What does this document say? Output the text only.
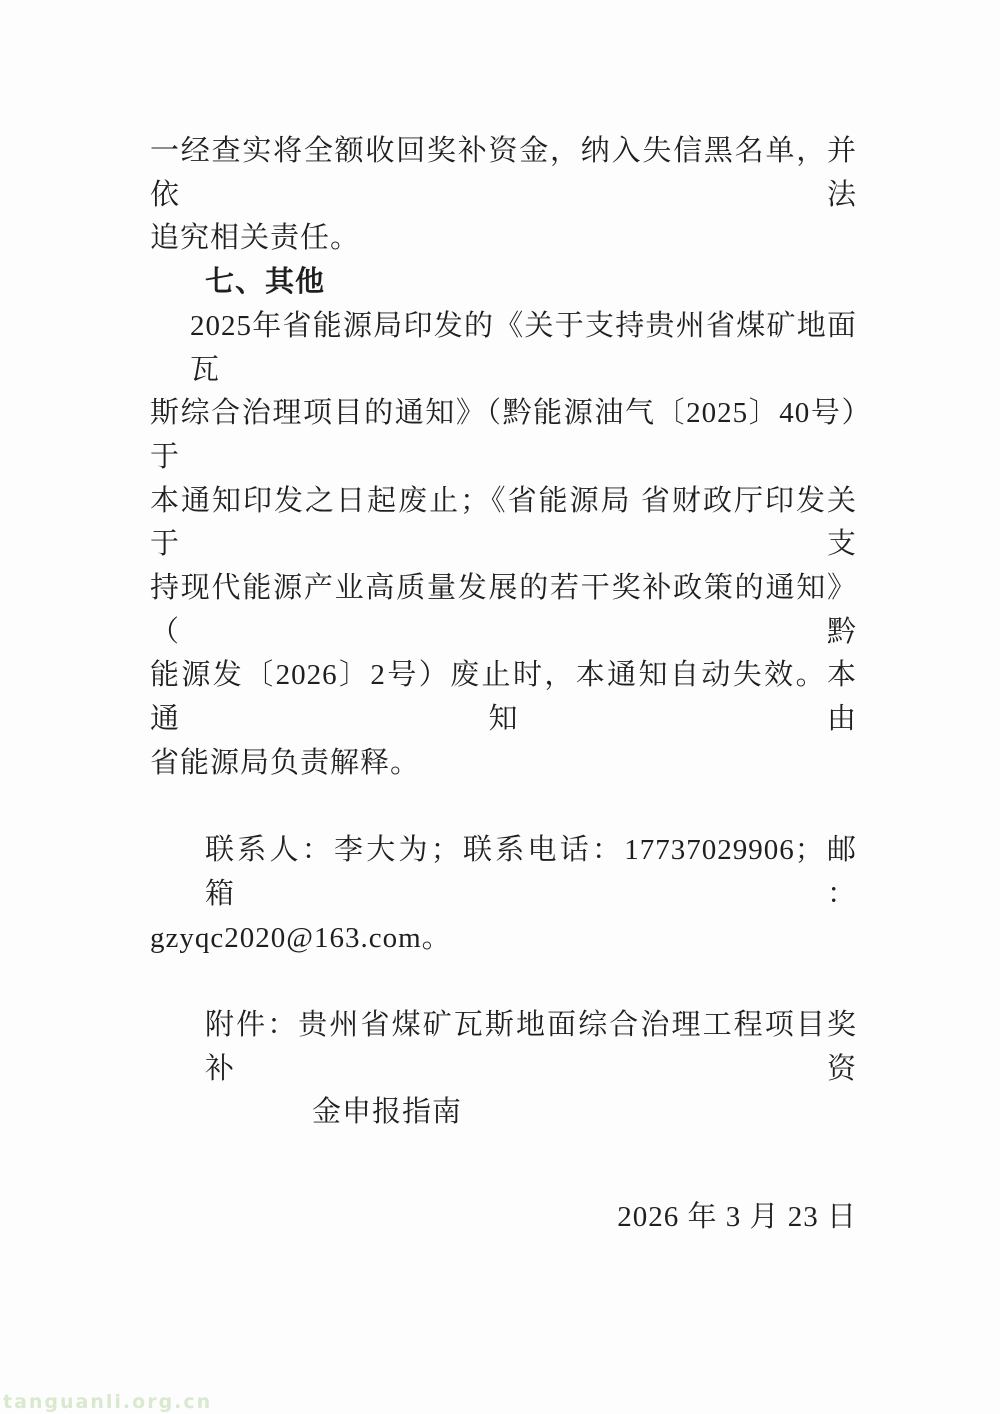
一经查实将全额收回奖补资金，纳入失信黑名单，并依法
追究相关责任。
七、其他
2025年省能源局印发的《关于支持贵州省煤矿地面瓦
斯综合治理项目的通知》（黔能源油气〔2025〕40号）于
本通知印发之日起废止；《省能源局 省财政厅印发关于支
持现代能源产业高质量发展的若干奖补政策的通知》（黔
能源发〔2026〕2号）废止时，本通知自动失效。本通知由
省能源局负责解释。
联系人：李大为；联系电话：17737029906；邮箱：
gzyqc2020@163.com。
附件：贵州省煤矿瓦斯地面综合治理工程项目奖补资
金申报指南
2026 年 3 月 23 日
tanguanli.org.cn
